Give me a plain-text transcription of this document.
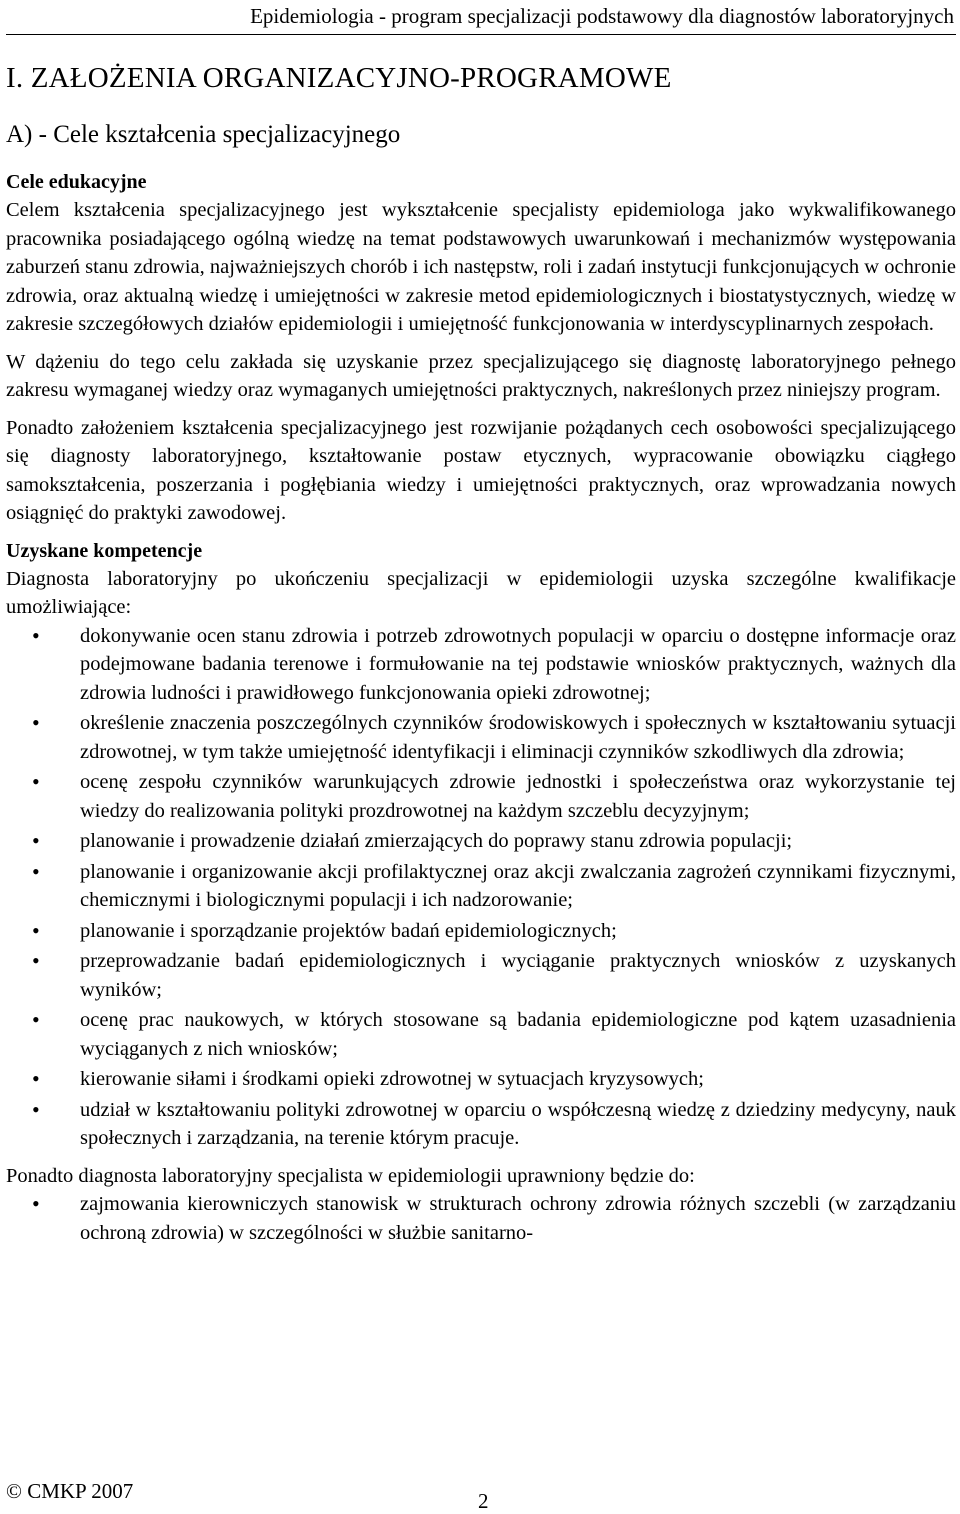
Epidemiologia - program specjalizacji podstawowy dla diagnostów laboratoryjnych
I. ZAŁOŻENIA ORGANIZACYJNO-PROGRAMOWE
A) - Cele kształcenia specjalizacyjnego
Cele edukacyjne

Celem kształcenia specjalizacyjnego jest wykształcenie specjalisty epidemiologa jako wykwalifikowanego pracownika posiadającego ogólną wiedzę na temat podstawowych uwarunkowań i mechanizmów występowania zaburzeń stanu zdrowia, najważniejszych chorób i ich następstw, roli i zadań instytucji funkcjonujących w ochronie zdrowia, oraz aktualną wiedzę i umiejętności w zakresie metod epidemiologicznych i biostatystycznych, wiedzę w zakresie szczegółowych działów epidemiologii i umiejętność funkcjonowania w interdyscyplinarnych zespołach.

W dążeniu do tego celu zakłada się uzyskanie przez specjalizującego się diagnostę laboratoryjnego pełnego zakresu wymaganej wiedzy oraz wymaganych umiejętności praktycznych, nakreślonych przez niniejszy program.

Ponadto założeniem kształcenia specjalizacyjnego jest rozwijanie pożądanych cech osobowości specjalizującego się diagnosty laboratoryjnego, kształtowanie postaw etycznych, wypracowanie obowiązku ciągłego samokształcenia, poszerzania i pogłębiania wiedzy i umiejętności praktycznych, oraz wprowadzania nowych osiągnięć do praktyki zawodowej.

Uzyskane kompetencje

Diagnosta laboratoryjny po ukończeniu specjalizacji w epidemiologii uzyska szczególne kwalifikacje umożliwiające:

• dokonywanie ocen stanu zdrowia i potrzeb zdrowotnych populacji w oparciu o dostępne informacje oraz podejmowane badania terenowe i formułowanie na tej podstawie wniosków praktycznych, ważnych dla zdrowia ludności i prawidłowego funkcjonowania opieki zdrowotnej;
• określenie znaczenia poszczególnych czynników środowiskowych i społecznych w kształtowaniu sytuacji zdrowotnej, w tym także umiejętność identyfikacji i eliminacji czynników szkodliwych dla zdrowia;
• ocenę zespołu czynników warunkujących zdrowie jednostki i społeczeństwa oraz wykorzystanie tej wiedzy do realizowania polityki prozdrowotnej na każdym szczeblu decyzyjnym;
• planowanie i prowadzenie działań zmierzających do poprawy stanu zdrowia populacji;
• planowanie i organizowanie akcji profilaktycznej oraz akcji zwalczania zagrożeń czynnikami fizycznymi, chemicznymi i biologicznymi populacji i ich nadzorowanie;
• planowanie i sporządzanie projektów badań epidemiologicznych;
• przeprowadzanie badań epidemiologicznych i wyciąganie praktycznych wniosków z uzyskanych wyników;
• ocenę prac naukowych, w których stosowane są badania epidemiologiczne pod kątem uzasadnienia wyciąganych z nich wniosków;
• kierowanie siłami i środkami opieki zdrowotnej w sytuacjach kryzysowych;
• udział w kształtowaniu polityki zdrowotnej w oparciu o współczesną wiedzę z dziedziny medycyny, nauk społecznych i zarządzania, na terenie którym pracuje.

Ponadto diagnosta laboratoryjny specjalista w epidemiologii uprawniony będzie do:

• zajmowania kierowniczych stanowisk w strukturach ochrony zdrowia różnych szczebli (w zarządzaniu ochroną zdrowia) w szczególności w służbie sanitarno-
© CMKP 2007	2
